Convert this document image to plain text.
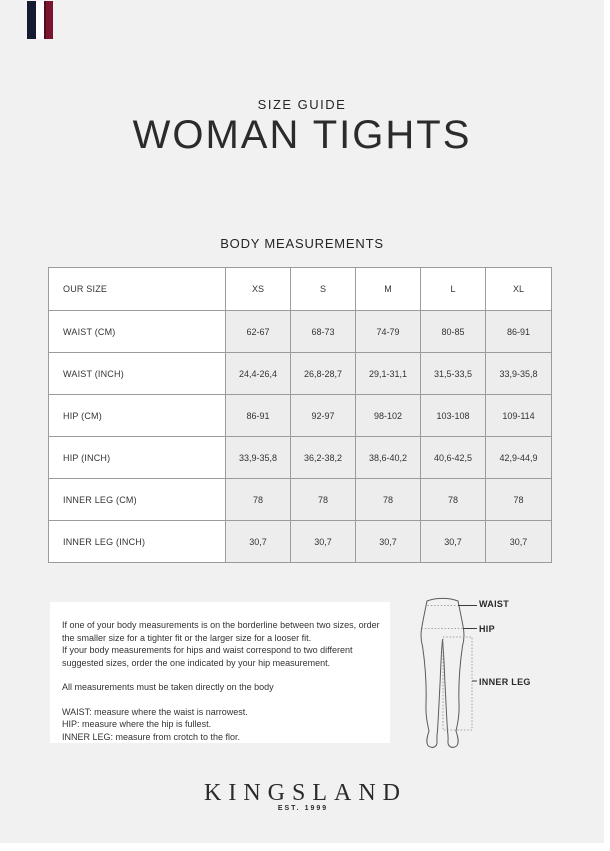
SIZE GUIDE
WOMAN TIGHTS
BODY MEASUREMENTS
OUR SIZE	XS	S	M	L	XL
WAIST (CM)	62-67	68-73	74-79	80-85	86-91
WAIST (INCH)	24,4-26,4	26,8-28,7	29,1-31,1	31,5-33,5	33,9-35,8
HIP (CM)	86-91	92-97	98-102	103-108	109-114
HIP (INCH)	33,9-35,8	36,2-38,2	38,6-40,2	40,6-42,5	42,9-44,9
INNER LEG (CM)	78	78	78	78	78
INNER LEG (INCH)	30,7	30,7	30,7	30,7	30,7
If one of your body measurements is on the borderline between two sizes, order the smaller size for a tighter fit or the larger size for a looser fit.
If your body measurements for hips and waist correspond to two different suggested sizes, order the one indicated by your hip measurement.
All measurements must be taken directly on the body
WAIST: measure where the waist is narrowest.
HIP: measure where the hip is fullest.
INNER LEG: measure from crotch to the flor.
WAIST
HIP
INNER LEG
KINGSLAND
EST. 1999
